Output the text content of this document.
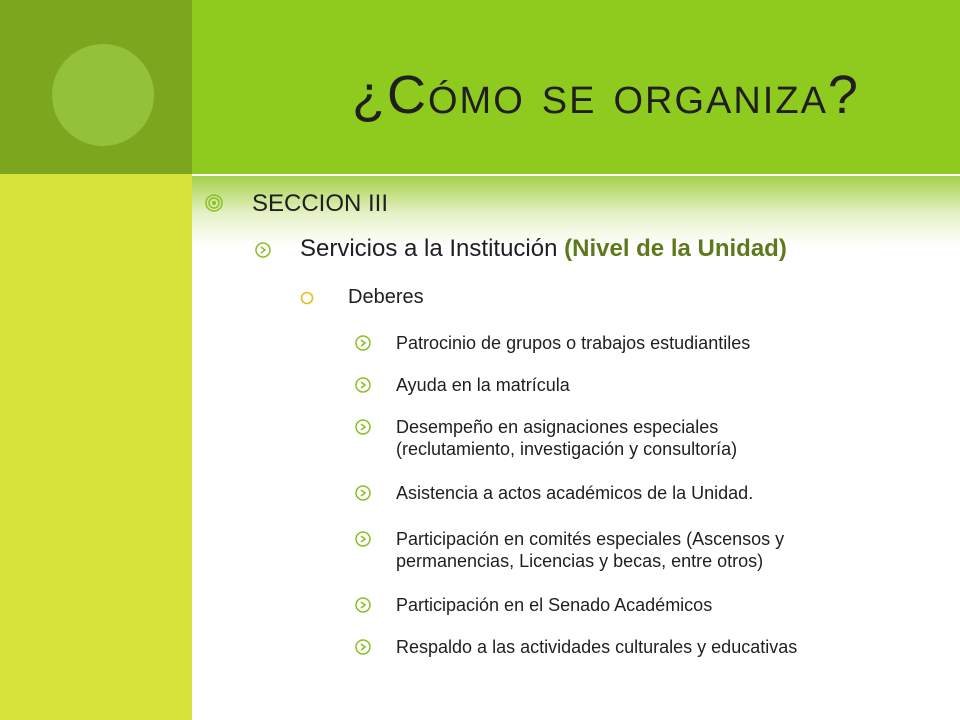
¿Cómo se organiza?
SECCION III
Servicios a la Institución (Nivel de la Unidad)
Deberes
Patrocinio de grupos o trabajos estudiantiles
Ayuda en la matrícula
Desempeño en asignaciones especiales
(reclutamiento, investigación y consultoría)
Asistencia a actos académicos de la Unidad.
Participación en comités especiales (Ascensos y
permanencias, Licencias y becas, entre otros)
Participación en el Senado Académicos
Respaldo a las actividades culturales y educativas
